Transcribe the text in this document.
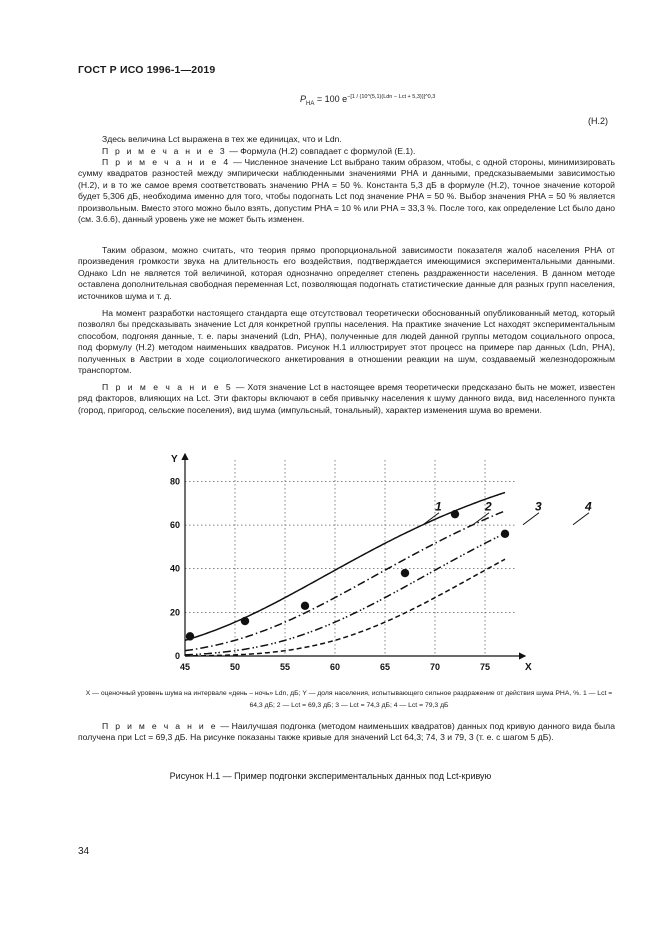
ГОСТ Р ИСО 1996-1—2019
$P_{HA} = 100$ $e^{-[1 / (10\^{}(5,1)(Ldn - Lct + 5,3))]\^{}0,3}$
(H.2)
Здесь величина Lct выражена в тех же единицах, что и Ldn.
П р и м е ч а н и е 3 — Формула (H.2) совпадает с формулой (E.1).
П р и м е ч а н и е 4 — Численное значение Lct выбрано таким образом, чтобы, с одной стороны, минимизировать сумму квадратов разностей между эмпирически наблюденными значениями PHA и данными, предсказываемыми зависимостью (H.2), и в то же самое время соответствовать значению PHA = 50 %. Константа 5,3 дБ в формуле (H.2), точное значение которой будет 5,306 дБ, необходима именно для того, чтобы подогнать Lct под значение PHA = 50 %. Выбор значения PHA = 50 % является произвольным. Вместо этого можно было взять, допустим PHA = 10 % или PHA = 33,3 %. После того, как определение Lct было дано (см. 3.6.6), данный уровень уже не может быть изменен.
Таким образом, можно считать, что теория прямо пропорциональной зависимости показателя жалоб населения PHA от произведения громкости звука на длительность его воздействия, подтверждается имеющимися экспериментальными данными. Однако Ldn не является той величиной, которая однозначно определяет степень раздраженности населения. В данном методе оставлена дополнительная свободная переменная Lct, позволяющая подогнать статистические данные для разных групп населения, источников шума и т. д.
На момент разработки настоящего стандарта еще отсутствовал теоретически обоснованный опубликованный метод, который позволял бы предсказывать значение Lct для конкретной группы населения. На практике значение Lct находят экспериментальным способом, подгоняя данные, т. е. пары значений (Ldn, PHA), полученные для людей данной группы методом социального опроса, под формулу (H.2) методом наименьших квадратов. Рисунок H.1 иллюстрирует этот процесс на примере пар данных (Ldn, PHA), полученных в Австрии в ходе социологического анкетирования в отношении реакции на шум, создаваемый железнодорожным транспортом.
П р и м е ч а н и е 5 — Хотя значение Lct в настоящее время теоретически предсказано быть не может, известен ряд факторов, влияющих на Lct. Эти факторы включают в себя привычку населения к шуму данного вида, вид населенного пункта (город, пригород, сельские поселения), вид шума (импульсный, тональный), характер изменения шума во времени.
X
Y
45	50	55	60	65	70	75
20
40
60
80
0
1	2	3	4
X — оценочный уровень шума на интервале «день – ночь» Ldn, дБ; Y — доля населения, испытывающего сильное раздражение от действия шума PHA, %. 1 — Lct = 64,3 дБ; 2 — Lct = 69,3 дБ; 3 — Lct = 74,3 дБ; 4 — Lct = 79,3 дБ
П р и м е ч а н и е — Наилучшая подгонка (методом наименьших квадратов) данных под кривую данного вида была получена при Lct = 69,3 дБ. На рисунке показаны также кривые для значений Lct 64,3; 74, 3 и 79, 3 (т. е. с шагом 5 дБ).
Рисунок H.1 — Пример подгонки экспериментальных данных под Lct-кривую
34
